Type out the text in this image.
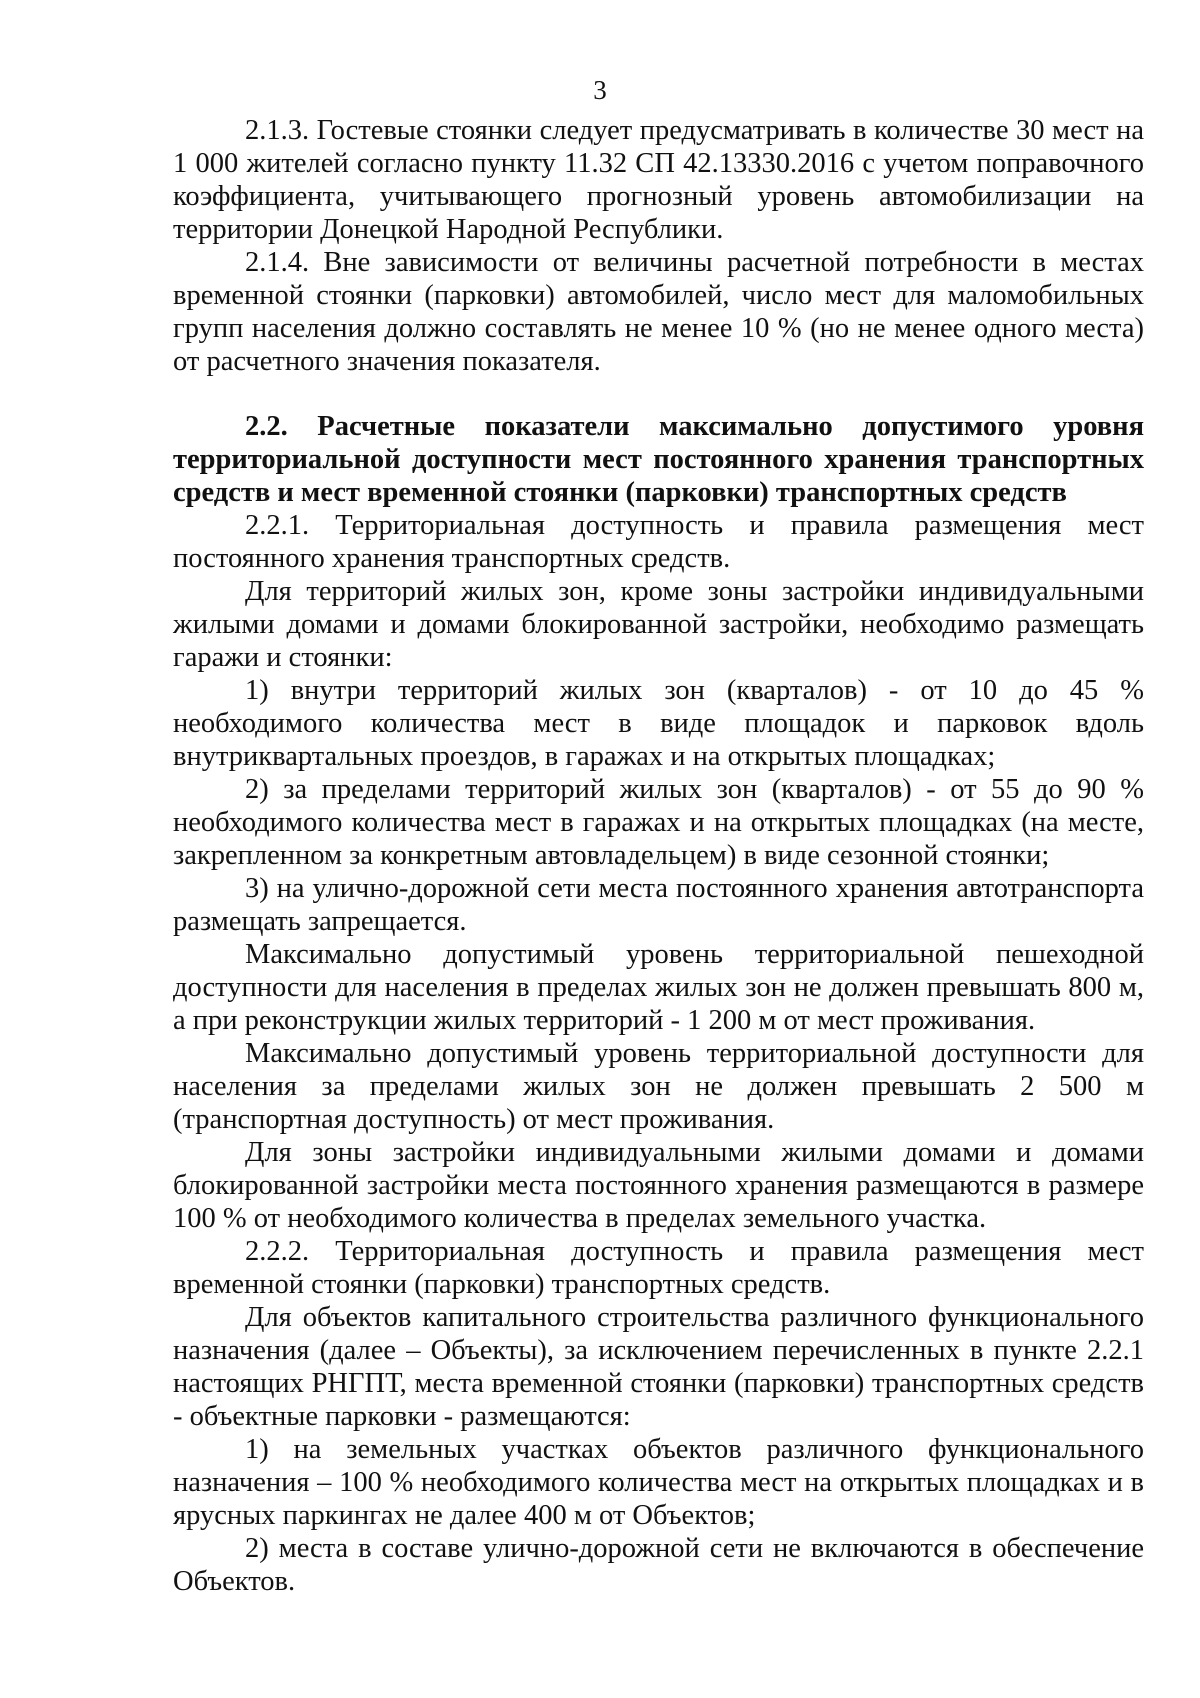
3

2.1.3. Гостевые стоянки следует предусматривать в количестве 30 мест на 1 000 жителей согласно пункту 11.32 СП 42.13330.2016 с учетом поправочного коэффициента, учитывающего прогнозный уровень автомобилизации на территории Донецкой Народной Республики.

2.1.4. Вне зависимости от величины расчетной потребности в местах временной стоянки (парковки) автомобилей, число мест для маломобильных групп населения должно составлять не менее 10 % (но не менее одного места) от расчетного значения показателя.

2.2. Расчетные показатели максимально допустимого уровня территориальной доступности мест постоянного хранения транспортных средств и мест временной стоянки (парковки) транспортных средств

2.2.1. Территориальная доступность и правила размещения мест постоянного хранения транспортных средств.

Для территорий жилых зон, кроме зоны застройки индивидуальными жилыми домами и домами блокированной застройки, необходимо размещать гаражи и стоянки:

1) внутри территорий жилых зон (кварталов) - от 10 до 45 % необходимого количества мест в виде площадок и парковок вдоль внутриквартальных проездов, в гаражах и на открытых площадках;

2) за пределами территорий жилых зон (кварталов) - от 55 до 90 % необходимого количества мест в гаражах и на открытых площадках (на месте, закрепленном за конкретным автовладельцем) в виде сезонной стоянки;

3) на улично-дорожной сети места постоянного хранения автотранспорта размещать запрещается.

Максимально допустимый уровень территориальной пешеходной доступности для населения в пределах жилых зон не должен превышать 800 м, а при реконструкции жилых территорий - 1 200 м от мест проживания.

Максимально допустимый уровень территориальной доступности для населения за пределами жилых зон не должен превышать 2 500 м (транспортная доступность) от мест проживания.

Для зоны застройки индивидуальными жилыми домами и домами блокированной застройки места постоянного хранения размещаются в размере 100 % от необходимого количества в пределах земельного участка.

2.2.2. Территориальная доступность и правила размещения мест временной стоянки (парковки) транспортных средств.

Для объектов капитального строительства различного функционального назначения (далее – Объекты), за исключением перечисленных в пункте 2.2.1 настоящих РНГПТ, места временной стоянки (парковки) транспортных средств - объектные парковки - размещаются:

1) на земельных участках объектов различного функционального назначения – 100 % необходимого количества мест на открытых площадках и в ярусных паркингах не далее 400 м от Объектов;

2) места в составе улично-дорожной сети не включаются в обеспечение Объектов.
